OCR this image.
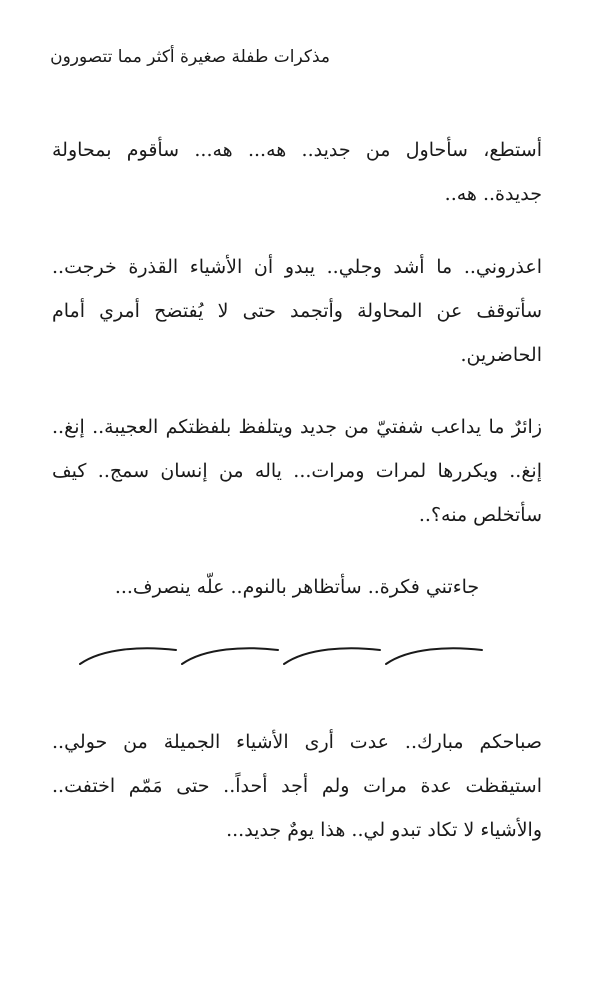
مذكرات طفلة صغيرة أكثر مما تتصورون

أستطع، سأحاول من جديد.. هه... هه... سأقوم بمحاولة جديدة.. هه..

اعذروني.. ما أشد وجلي.. يبدو أن الأشياء القذرة خرجت.. سأتوقف عن المحاولة وأتجمد حتى لا يُفتضح أمري أمام الحاضرين.

زائرٌ ما يداعب شفتيّ من جديد ويتلفظ بلفظتكم العجيبة.. إنغ.. إنغ.. ويكررها لمرات ومرات... ياله من إنسان سمج.. كيف سأتخلص منه؟..

جاءتني فكرة.. سأتظاهر بالنوم.. علّه ينصرف...

صباحكم مبارك.. عدت أرى الأشياء الجميلة من حولي.. استيقظت عدة مرات ولم أجد أحداً.. حتى مَمّم اختفت.. والأشياء لا تكاد تبدو لي.. هذا يومٌ جديد...
